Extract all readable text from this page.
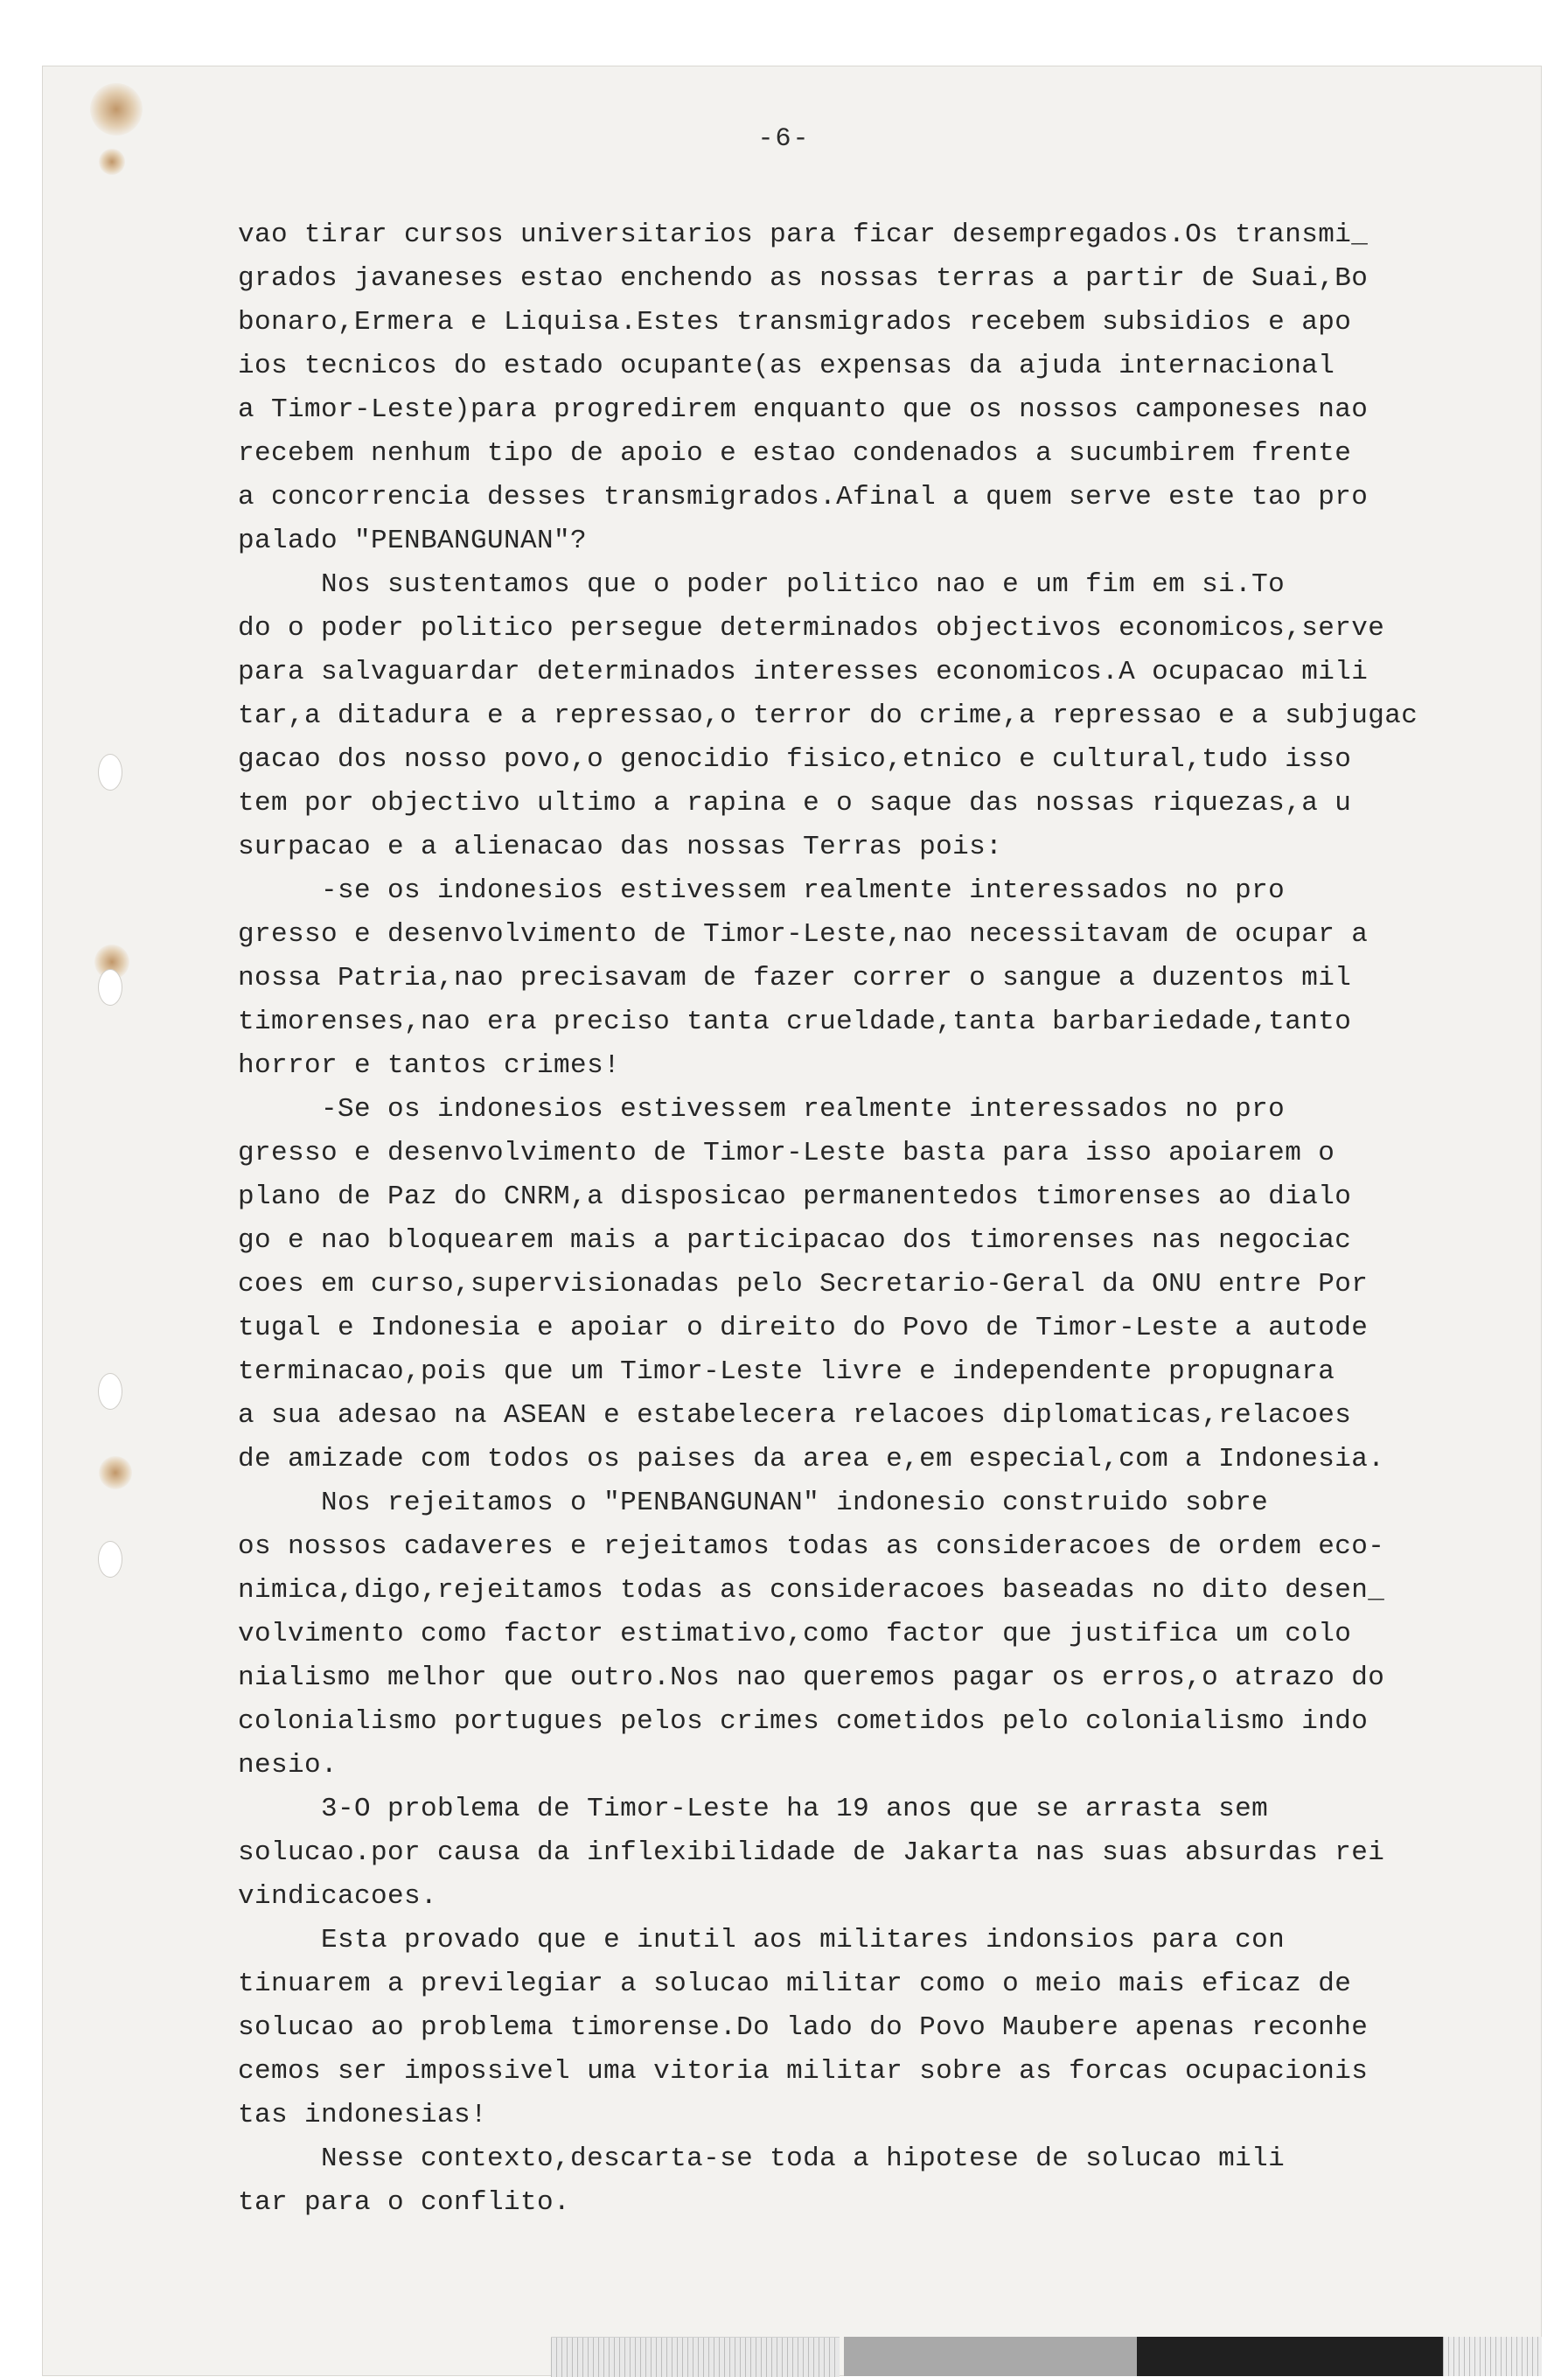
-6-
vao tirar cursos universitarios para ficar desempregados.Os transmi_
grados javaneses estao enchendo as nossas terras a partir de Suai,Bo
bonaro,Ermera e Liquisa.Estes transmigrados recebem subsidios e apo
ios tecnicos do estado ocupante(as expensas da ajuda internacional
a Timor-Leste)para progredirem enquanto que os nossos camponeses nao
recebem nenhum tipo de apoio e estao condenados a sucumbirem frente
a concorrencia desses transmigrados.Afinal a quem serve este tao pro
palado "PENBANGUNAN"?
Nos sustentamos que o poder politico nao e um fim em si.To
do o poder politico persegue determinados objectivos economicos,serve
para salvaguardar determinados interesses economicos.A ocupacao mili
tar,a ditadura e a repressao,o terror do crime,a repressao e a subjugac
gacao dos nosso povo,o genocidio fisico,etnico e cultural,tudo isso
tem por objectivo ultimo a rapina e o saque das nossas riquezas,a u
surpacao e a alienacao das nossas Terras pois:
-se os indonesios estivessem realmente interessados no pro
gresso e desenvolvimento de Timor-Leste,nao necessitavam de ocupar a
nossa Patria,nao precisavam de fazer correr o sangue a duzentos mil
timorenses,nao era preciso tanta crueldade,tanta barbariedade,tanto
horror e tantos crimes!
-Se os indonesios estivessem realmente interessados no pro
gresso e desenvolvimento de Timor-Leste basta para isso apoiarem o
plano de Paz do CNRM,a disposicao permanentedos timorenses ao dialo
go e nao bloquearem mais a participacao dos timorenses nas negociac
coes em curso,supervisionadas pelo Secretario-Geral da ONU entre Por
tugal e Indonesia e apoiar o direito do Povo de Timor-Leste a autode
terminacao,pois que um Timor-Leste livre e independente propugnara
a sua adesao na ASEAN e estabelecera relacoes diplomaticas,relacoes
de amizade com todos os paises da area e,em especial,com a Indonesia.
Nos rejeitamos o "PENBANGUNAN" indonesio construido sobre
os nossos cadaveres e rejeitamos todas as consideracoes de ordem eco-
nimica,digo,rejeitamos todas as consideracoes baseadas no dito desen_
volvimento como factor estimativo,como factor que justifica um colo
nialismo melhor que outro.Nos nao queremos pagar os erros,o atrazo do
colonialismo portugues pelos crimes cometidos pelo colonialismo indo
nesio.
3-O problema de Timor-Leste ha 19 anos que se arrasta sem
solucao.por causa da inflexibilidade de Jakarta nas suas absurdas rei
vindicacoes.
Esta provado que e inutil aos militares indonsios para con
tinuarem a previlegiar a solucao militar como o meio mais eficaz de
solucao ao problema timorense.Do lado do Povo Maubere apenas reconhe
cemos ser impossivel uma vitoria militar sobre as forcas ocupacionis
tas indonesias!
Nesse contexto,descarta-se toda a hipotese de solucao mili
tar para o conflito.
